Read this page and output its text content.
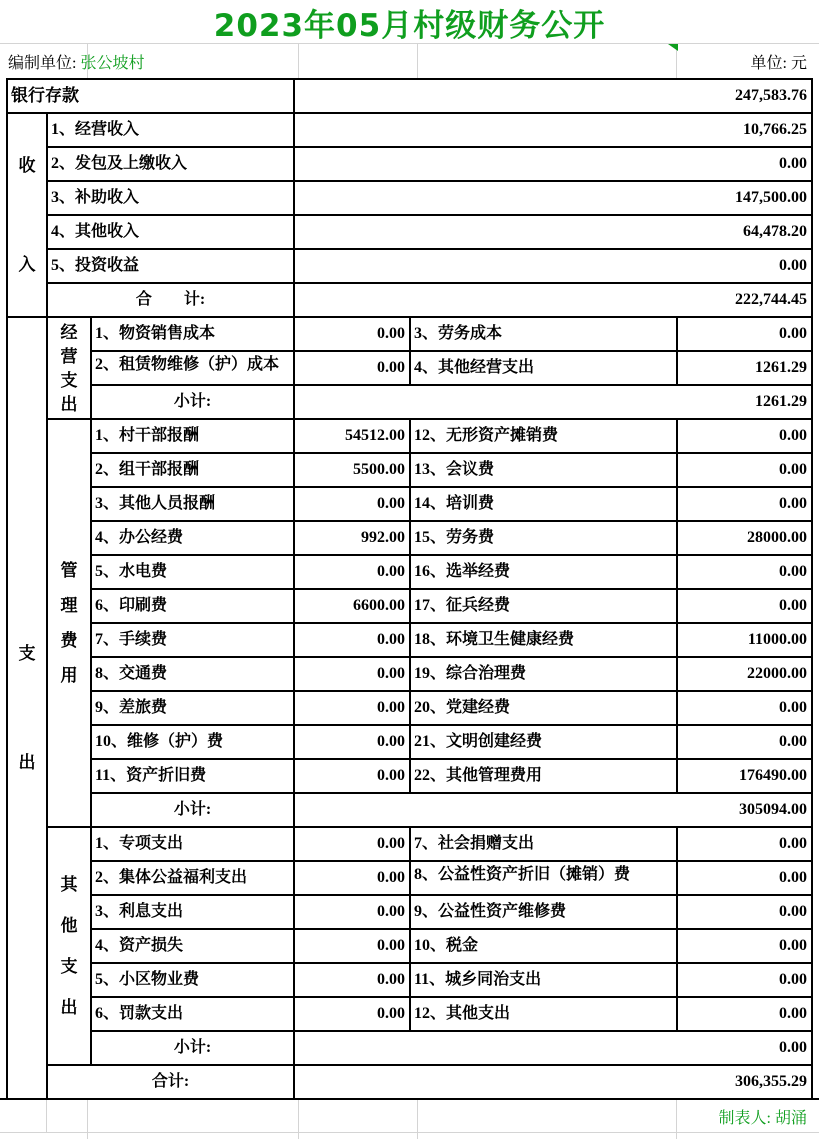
2023年05月村级财务公开
编制单位: 张公坡村	单位: 元
银行存款			247,583.76		

收
入	1、经营收入		10,766.25		

	2、发包及上缴收入		0.00		

	3、补助收入		147,500.00		

	4、其他收入		64,478.20		

	5、投资收益		0.00		

	合　　计:		222,744.45		

支
出	经
营
支
出	1、物资销售成本	0.00	3、劳务成本	0.00

		2、租赁物维修（护）成本	0.00	4、其他经营支出	1261.29

		小计:	1261.29		

	管
理
费
用	1、村干部报酬	54512.00	12、无形资产摊销费	0.00

		2、组干部报酬	5500.00	13、会议费	0.00

		3、其他人员报酬	0.00	14、培训费	0.00

		4、办公经费	992.00	15、劳务费	28000.00

		5、水电费	0.00	16、选举经费	0.00

		6、印刷费	6600.00	17、征兵经费	0.00

		7、手续费	0.00	18、环境卫生健康经费	11000.00

		8、交通费	0.00	19、综合治理费	22000.00

		9、差旅费	0.00	20、党建经费	0.00

		10、维修（护）费	0.00	21、文明创建经费	0.00

		11、资产折旧费	0.00	22、其他管理费用	176490.00

		小计:	305094.00		

	其
他
支
出	1、专项支出	0.00	7、社会捐赠支出	0.00

		2、集体公益福利支出	0.00	8、公益性资产折旧（摊销）费	0.00

		3、利息支出	0.00	9、公益性资产维修费	0.00

		4、资产损失	0.00	10、税金	0.00

		5、小区物业费	0.00	11、城乡同治支出	0.00

		6、罚款支出	0.00	12、其他支出	0.00

		小计:	0.00		

	合计:		306,355.29		
制表人:
胡涌
